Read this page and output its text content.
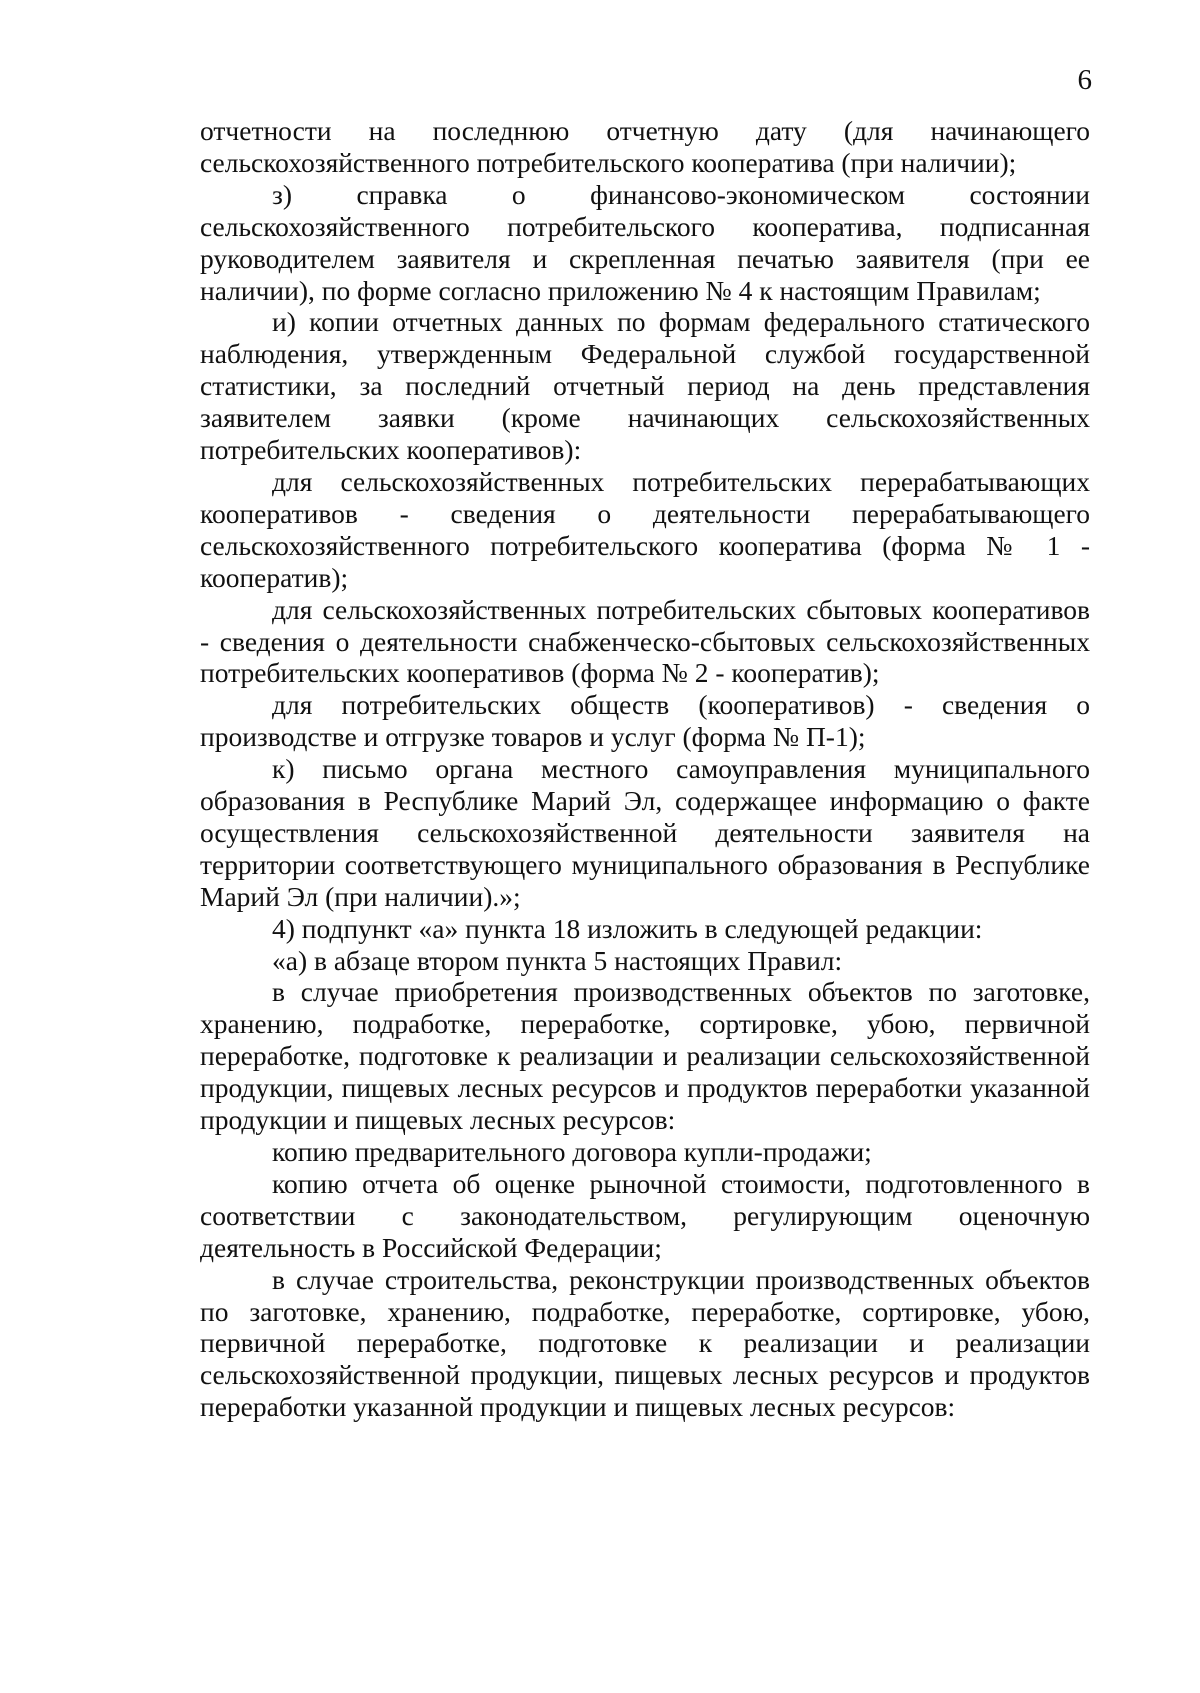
6

отчетности на последнюю отчетную дату (для начинающего сельскохозяйственного потребительского кооператива (при наличии);

з) справка о финансово-экономическом состоянии сельскохозяйственного потребительского кооператива, подписанная руководителем заявителя и скрепленная печатью заявителя (при ее наличии), по форме согласно приложению № 4 к настоящим Правилам;

и) копии отчетных данных по формам федерального статического наблюдения, утвержденным Федеральной службой государственной статистики, за последний отчетный период на день представления заявителем заявки (кроме начинающих сельскохозяйственных потребительских кооперативов):

для сельскохозяйственных потребительских перерабатывающих кооперативов - сведения о деятельности перерабатывающего сельскохозяйственного потребительского кооператива (форма № 1 - кооператив);

для сельскохозяйственных потребительских сбытовых кооперативов - сведения о деятельности снабженческо-сбытовых сельскохозяйственных потребительских кооперативов (форма № 2 - кооператив);

для потребительских обществ (кооперативов) - сведения о производстве и отгрузке товаров и услуг (форма № П-1);

к) письмо органа местного самоуправления муниципального образования в Республике Марий Эл, содержащее информацию о факте осуществления сельскохозяйственной деятельности заявителя на территории соответствующего муниципального образования в Республике Марий Эл (при наличии).»;

4) подпункт «а» пункта 18 изложить в следующей редакции:

«а) в абзаце втором пункта 5 настоящих Правил:

в случае приобретения производственных объектов по заготовке, хранению, подработке, переработке, сортировке, убою, первичной переработке, подготовке к реализации и реализации сельскохозяйственной продукции, пищевых лесных ресурсов и продуктов переработки указанной продукции и пищевых лесных ресурсов:

копию предварительного договора купли-продажи;

копию отчета об оценке рыночной стоимости, подготовленного в соответствии с законодательством, регулирующим оценочную деятельность в Российской Федерации;

в случае строительства, реконструкции производственных объектов по заготовке, хранению, подработке, переработке, сортировке, убою, первичной переработке, подготовке к реализации и реализации сельскохозяйственной продукции, пищевых лесных ресурсов и продуктов переработки указанной продукции и пищевых лесных ресурсов:
